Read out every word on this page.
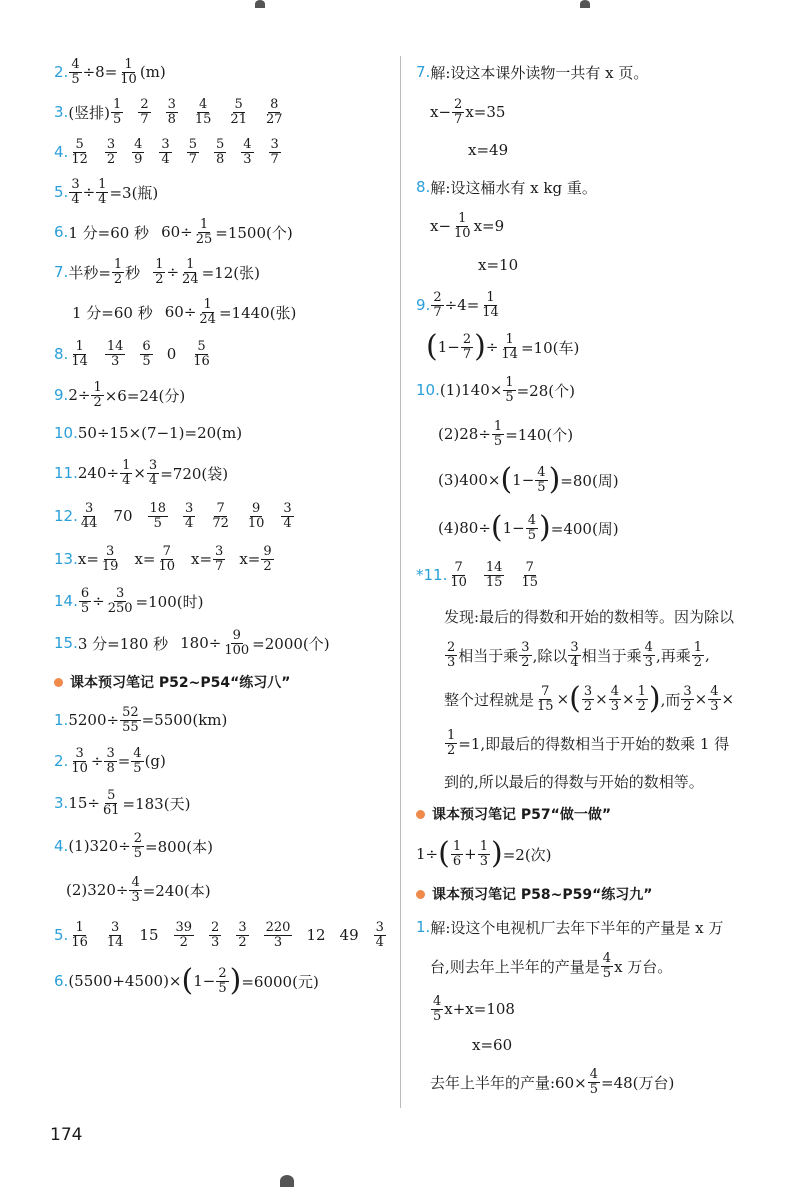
2. $\frac{4}{5} \div 8= \frac{1}{10} (m)$
3. (竖排) 1
5
2
7
3
8
4
15
5
21
8
27
4. 5
12
3
2
4
9
3
4
5
7
5
8
4
3
3
7
5. 3
$4 \div \frac{1}{4} =3$(瓶)
6. 1 分=60 秒 $60\div \frac{1}{25} =1500$(个)
7. 半秒= $\frac{1}{2}$ 秒 1
$2 \div \frac{1}{24} =12$(张)
1 分=60 秒 $60\div \frac{1}{24} =1440$(张)
8. 1
14
14
3
6
5 0 5
16
9. $2\div \frac{1}{2} \times 6=24$(分)
10. 50÷15×(7−1)=20(m)
11. $240\div \frac{1}{4} \times \frac{3}{4} =720$(袋)
12. 3
44 70 18
5
3
4
7
72
9
10
3
4
13. $x= \frac{3}{19} x= \frac{7}{10} x= \frac{3}{7} x= \frac{9}{2}$
14. 6
$5 \div \frac{3}{250} =100$(时)
15. 3 分=180 秒 $180\div \frac{9}{100} =2000$(个)
课本预习笔记 P52~P54“练习八”
1. $5200\div \frac{52}{55} =5500(km)$
2. 3
10 ÷ 3
8 = 4
5 (g)
3. $15\div \frac{5}{61} =183$(天)
4. $(1)320\div \frac{2}{5} =800$(本)
$(2)320\div \frac{4}{3} =240$(本)
5. 1
16
3
14 15 39
2
2
3
3
2
220
3 12 49 3
4
6. (5500+4500)× ( 1− 2
5 ) =6000(元)
7. 解:设这本课外读物一共有 x 页。
$x- \frac{2}{7} x=35$
x=49
8. 解:设这桶水有 x kg 重。
$x- \frac{1}{10} x=9$
x=10
9. $\frac{2}{7} \div 4= \frac{1}{14}$
( 1− 2
7 ) ÷ $\frac{1}{14} =10$(车)
10. $(1)140\times \frac{1}{5} =28$(个)
$(2)28\div \frac{1}{5} =140$(个)
(3)400× ( 1− 4
5 ) =80(周)
(4)80÷ ( 1− 4
5 ) =400(周)
*11. 7
10
14
15
7
15
发现:最后的得数和开始的数相等。因为除以
2
3 相当于乘 3
2 ,除以 3
4 相当于乘 4
3 ,再乘 1
2 ,
整个过程就是 7
15 × ( 3
2 × 4
3 × 1
2 ) ,而 3
2 × 4
3 ×
$\frac{1}{2} =1$,即最后的得数相当于开始的数乘 1 得
到的,所以最后的得数与开始的数相等。
课本预习笔记 P57“做一做”
1÷ ( 1
6 + 1
3 ) =2(次)
课本预习笔记 P58~P59“练习九”
1. 解:设这个电视机厂去年下半年的产量是 x 万
台,则去年上半年的产量是 4
5 x 万台。
4
5 x+x=108
x=60
去年上半年的产量:60× $\frac{4}{5} =48$(万台)
174
